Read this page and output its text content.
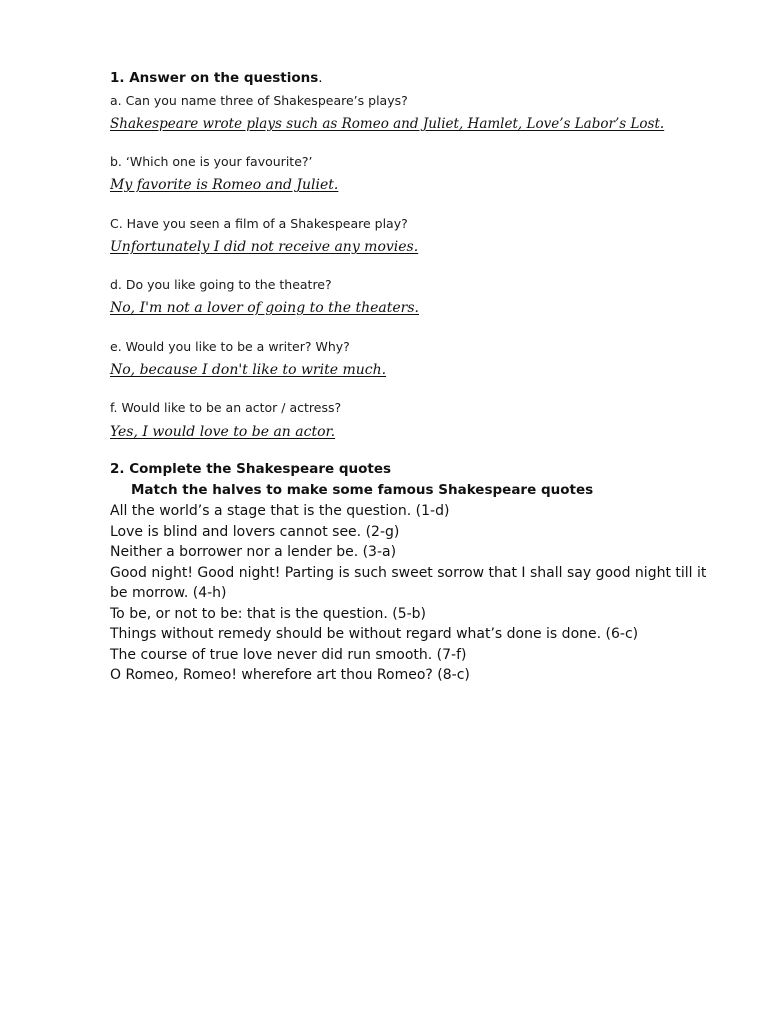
1. Answer on the questions.
a. Can you name three of Shakespeare’s plays?
Shakespeare wrote plays such as Romeo and Juliet, Hamlet, Love’s Labor’s Lost.
b. ‘Which one is your favourite?’
My favorite is Romeo and Juliet.
C. Have you seen a film of a Shakespeare play?
Unfortunately I did not receive any movies.
d. Do you like going to the theatre?
No, I'm not a lover of going to the theaters.
e. Would you like to be a writer? Why?
No, because I don't like to write much.
f. Would like to be an actor / actress?
Yes, I would love to be an actor.
2. Complete the Shakespeare quotes
Match the halves to make some famous Shakespeare quotes
All the world’s a stage that is the question. (1-d)
Love is blind and lovers cannot see. (2-g)
Neither a borrower nor a lender be. (3-a)
Good night! Good night! Parting is such sweet sorrow that I shall say good night till it be morrow. (4-h)
To be, or not to be: that is the question. (5-b)
Things without remedy should be without regard what’s done is done. (6-c)
The course of true love never did run smooth. (7-f)
O Romeo, Romeo! wherefore art thou Romeo? (8-c)
